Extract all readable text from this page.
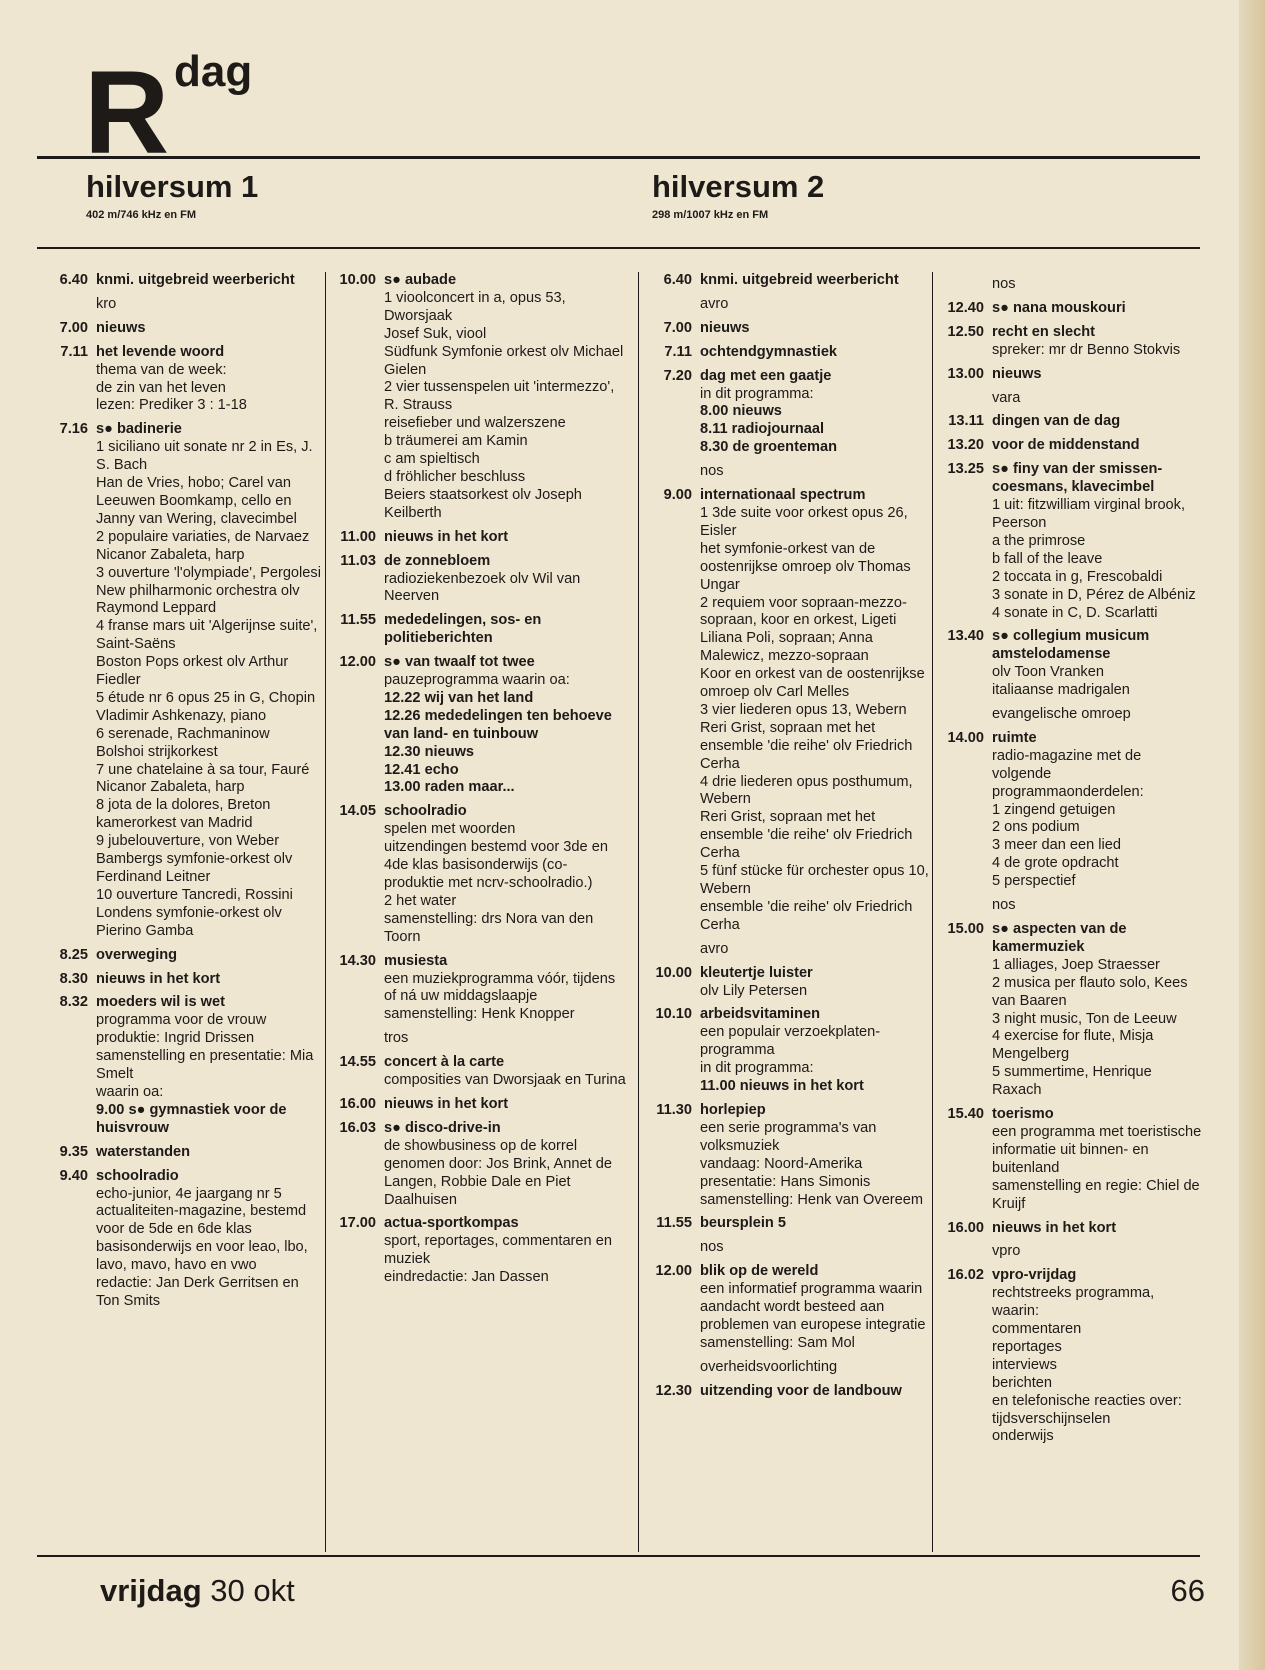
R dag
hilversum 1
402 m/746 kHz en FM
hilversum 2
298 m/1007 kHz en FM
6.40 knmi. uitgebreid weerbericht
kro
7.00 nieuws
7.11 het levende woord
thema van de week:
de zin van het leven
lezen: Prediker 3 : 1-18
7.16 s● badinerie
1 siciliano uit sonate nr 2 in Es, J. S. Bach
Han de Vries, hobo; Carel van Leeuwen Boomkamp, cello en Janny van Wering, clavecimbel
2 populaire variaties, de Narvaez
Nicanor Zabaleta, harp
3 ouverture 'l'olympiade', Pergolesi
New philharmonic orchestra olv Raymond Leppard
4 franse mars uit 'Algerijnse suite', Saint-Saëns
Boston Pops orkest olv Arthur Fiedler
5 étude nr 6 opus 25 in G, Chopin
Vladimir Ashkenazy, piano
6 serenade, Rachmaninow
Bolshoi strijkorkest
7 une chatelaine à sa tour, Fauré
Nicanor Zabaleta, harp
8 jota de la dolores, Breton
kamerorkest van Madrid
9 jubelouverture, von Weber
Bambergs symfonie-orkest olv Ferdinand Leitner
10 ouverture Tancredi, Rossini
Londens symfonie-orkest olv Pierino Gamba
8.25 overweging
8.30 nieuws in het kort
8.32 moeders wil is wet
programma voor de vrouw
produktie: Ingrid Drissen
samenstelling en presentatie: Mia Smelt
waarin oa:
9.00 s● gymnastiek voor de huisvrouw
9.35 waterstanden
9.40 schoolradio
echo-junior, 4e jaargang nr 5
actualiteiten-magazine, bestemd voor de 5de en 6de klas basisonderwijs en voor leao, lbo, lavo, mavo, havo en vwo
redactie: Jan Derk Gerritsen en Ton Smits
10.00 s● aubade
1 vioolconcert in a, opus 53, Dworsjaak
Josef Suk, viool
Südfunk Symfonie orkest olv Michael Gielen
2 vier tussenspelen uit 'intermezzo', R. Strauss
reisefieber und walzerszene
b träumerei am Kamin
c am spieltisch
d fröhlicher beschluss
Beiers staatsorkest olv Joseph Keilberth
11.00 nieuws in het kort
11.03 de zonnebloem
radioziekenbezoek olv Wil van Neerven
11.55 mededelingen, sos- en politieberichten
12.00 s● van twaalf tot twee
pauzeprogramma waarin oa:
12.22 wij van het land
12.26 mededelingen ten behoeve van land- en tuinbouw
12.30 nieuws
12.41 echo
13.00 raden maar...
14.05 schoolradio
spelen met woorden
uitzendingen bestemd voor 3de en 4de klas basisonderwijs (co-produktie met ncrv-schoolradio.)
2 het water
samenstelling: drs Nora van den Toorn
14.30 musiesta
een muziekprogramma vóór, tijdens of ná uw middagslaapje
samenstelling: Henk Knopper
tros
14.55 concert à la carte
composities van Dworsjaak en Turina
16.00 nieuws in het kort
16.03 s● disco-drive-in
de showbusiness op de korrel genomen door: Jos Brink, Annet de Langen, Robbie Dale en Piet Daalhuisen
17.00 actua-sportkompas
sport, reportages, commentaren en muziek
eindredactie: Jan Dassen
6.40 knmi. uitgebreid weerbericht
avro
7.00 nieuws
7.11 ochtendgymnastiek
7.20 dag met een gaatje
in dit programma:
8.00 nieuws
8.11 radiojournaal
8.30 de groenteman
nos
9.00 internationaal spectrum
1 3de suite voor orkest opus 26, Eisler
het symfonie-orkest van de oostenrijkse omroep olv Thomas Ungar
2 requiem voor sopraan-mezzo-sopraan, koor en orkest, Ligeti
Liliana Poli, sopraan; Anna Malewicz, mezzo-sopraan
Koor en orkest van de oostenrijkse omroep olv Carl Melles
3 vier liederen opus 13, Webern
Reri Grist, sopraan met het ensemble 'die reihe' olv Friedrich Cerha
4 drie liederen opus posthumum, Webern
Reri Grist, sopraan met het ensemble 'die reihe' olv Friedrich Cerha
5 fünf stücke für orchester opus 10, Webern
ensemble 'die reihe' olv Friedrich Cerha
avro
10.00 kleutertje luister
olv Lily Petersen
10.10 arbeidsvitaminen
een populair verzoekplaten-programma
in dit programma:
11.00 nieuws in het kort
11.30 horlepiep
een serie programma's van volksmuziek
vandaag: Noord-Amerika
presentatie: Hans Simonis
samenstelling: Henk van Overeem
11.55 beursplein 5
nos
12.00 blik op de wereld
een informatief programma waarin aandacht wordt besteed aan problemen van europese integratie
samenstelling: Sam Mol
overheidsvoorlichting
12.30 uitzending voor de landbouw
nos
12.40 s● nana mouskouri
12.50 recht en slecht
spreker: mr dr Benno Stokvis
13.00 nieuws
vara
13.11 dingen van de dag
13.20 voor de middenstand
13.25 s● finy van der smissen-coesmans, klavecimbel
1 uit: fitzwilliam virginal brook, Peerson
a the primrose
b fall of the leave
2 toccata in g, Frescobaldi
3 sonate in D, Pérez de Albéniz
4 sonate in C, D. Scarlatti
13.40 s● collegium musicum amstelodamense
olv Toon Vranken
italiaanse madrigalen
evangelische omroep
14.00 ruimte
radio-magazine met de volgende programmaonderdelen:
1 zingend getuigen
2 ons podium
3 meer dan een lied
4 de grote opdracht
5 perspectief
nos
15.00 s● aspecten van de kamermuziek
1 alliages, Joep Straesser
2 musica per flauto solo, Kees van Baaren
3 night music, Ton de Leeuw
4 exercise for flute, Misja Mengelberg
5 summertime, Henrique Raxach
15.40 toerismo
een programma met toeristische informatie uit binnen- en buitenland
samenstelling en regie: Chiel de Kruijf
16.00 nieuws in het kort
vpro
16.02 vpro-vrijdag
rechtstreeks programma, waarin:
commentaren
reportages
interviews
berichten
en telefonische reacties over:
tijdsverschijnselen
onderwijs
vrijdag 30 okt	66
